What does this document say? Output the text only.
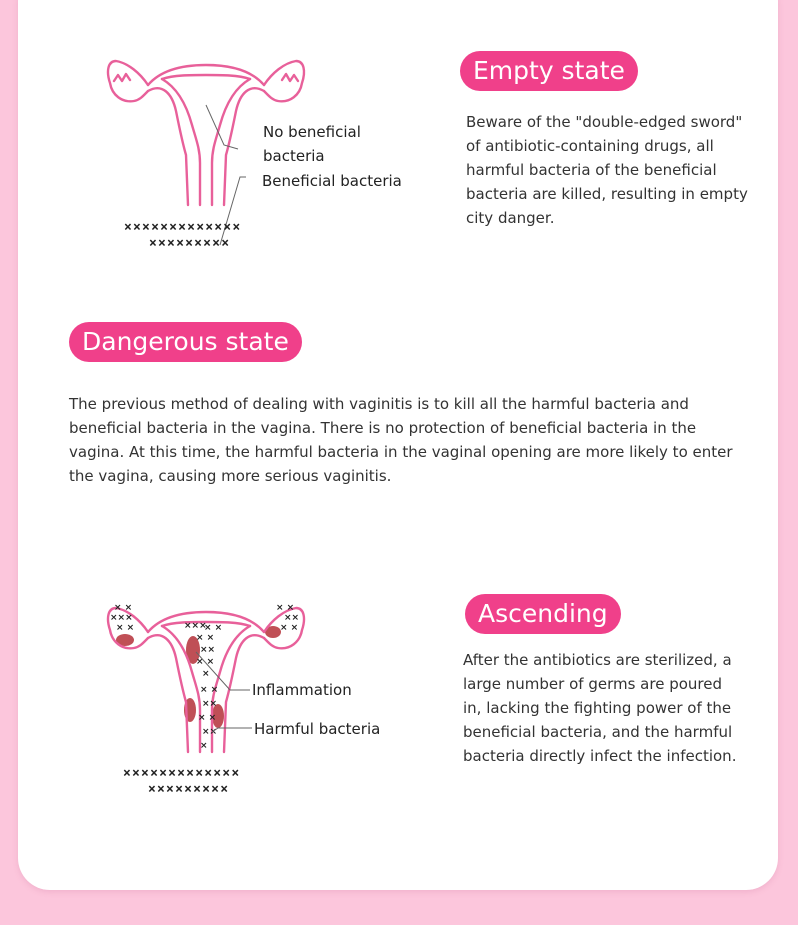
No beneficial bacteria
Beneficial bacteria
×××××××××××××
×××××××××
Empty state
Beware of the "double-edged sword" of antibiotic-containing drugs, all harmful bacteria of the beneficial bacteria are killed, resulting in empty city danger.
Dangerous state
The previous method of dealing with vaginitis is to kill all the harmful bacteria and beneficial bacteria in the vagina. There is no protection of beneficial bacteria in the vagina. At this time, the harmful bacteria in the vaginal opening are more likely to enter the vagina, causing more serious vaginitis.
× ×
×××
× ×
× ×
××
× ×
×××
× ×
× ×
××
× ×
×
× ×
××
× ×
××
×
Inflammation
Harmful bacteria
×××××××××××××
×××××××××
Ascending
After the antibiotics are sterilized, a large number of germs are poured in, lacking the fighting power of the beneficial bacteria, and the harmful bacteria directly infect the infection.
